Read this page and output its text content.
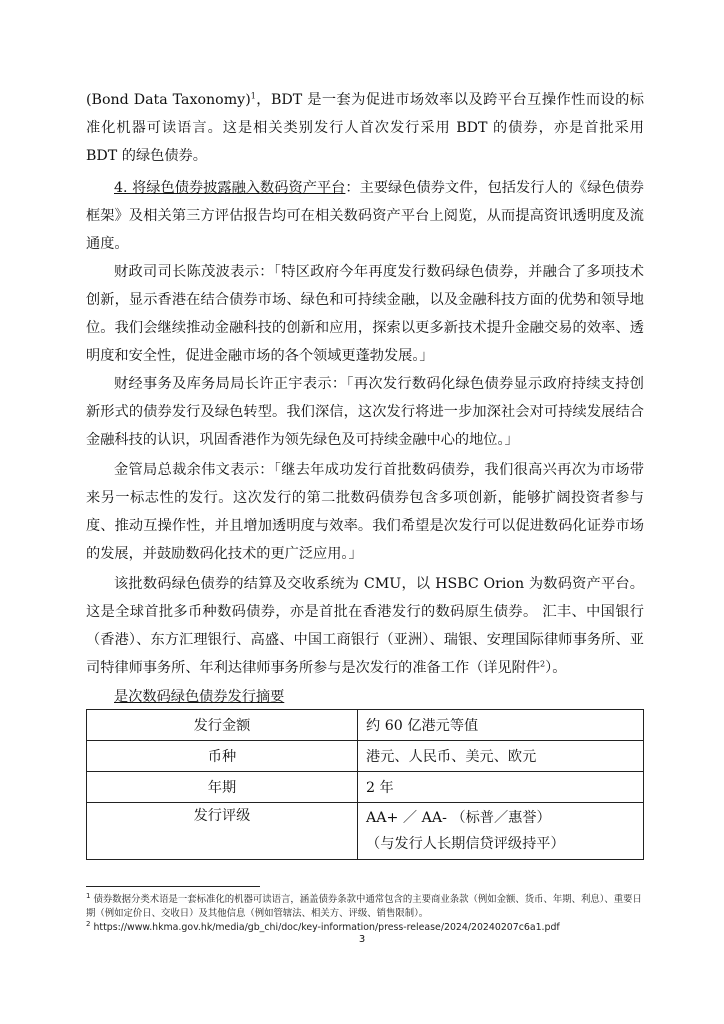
(Bond Data Taxonomy)$^1$，BDT 是一套为促进市场效率以及跨平台互操作性而设的标准化机器可读语言。这是相关类别发行人首次发行采用 BDT 的债券，亦是首批采用 BDT 的绿色债券。

4. 将绿色债券披露融入数码资产平台：主要绿色债券文件，包括发行人的《绿色债券框架》及相关第三方评估报告均可在相关数码资产平台上阅览，从而提高资讯透明度及流通度。

财政司司长陈茂波表示：「特区政府今年再度发行数码绿色债券，并融合了多项技术创新，显示香港在结合债券市场、绿色和可持续金融，以及金融科技方面的优势和领导地位。我们会继续推动金融科技的创新和应用，探索以更多新技术提升金融交易的效率、透明度和安全性，促进金融市场的各个领域更蓬勃发展。」

财经事务及库务局局长许正宇表示：「再次发行数码化绿色债券显示政府持续支持创新形式的债券发行及绿色转型。我们深信，这次发行将进一步加深社会对可持续发展结合金融科技的认识，巩固香港作为领先绿色及可持续金融中心的地位。」

金管局总裁余伟文表示：「继去年成功发行首批数码债券，我们很高兴再次为市场带来另一标志性的发行。这次发行的第二批数码债券包含多项创新，能够扩阔投资者参与度、推动互操作性，并且增加透明度与效率。我们希望是次发行可以促进数码化证券市场的发展，并鼓励数码化技术的更广泛应用。」

该批数码绿色债券的结算及交收系统为 CMU，以 HSBC Orion 为数码资产平台。这是全球首批多币种数码债券，亦是首批在香港发行的数码原生债券。 汇丰、中国银行（香港）、东方汇理银行、高盛、中国工商银行（亚洲）、瑞银、安理国际律师事务所、亚司特律师事务所、年利达律师事务所参与是次发行的准备工作（详见附件$^2$）。

是次数码绿色债券发行摘要
发行金额	约 60 亿港元等值
币种	港元、人民币、美元、欧元
年期	2 年
发行评级	AA+ ／ AA- （标普／惠誉）
（与发行人长期信贷评级持平）
$^1$ 债券数据分类术语是一套标准化的机器可读语言，涵盖债券条款中通常包含的主要商业条款（例如金额、货币、年期、利息）、重要日期（例如定价日、交收日）及其他信息（例如管辖法、相关方、评级、销售限制）。
$^2$ https://www.hkma.gov.hk/media/gb_chi/doc/key-information/press-release/2024/20240207c6a1.pdf
3
